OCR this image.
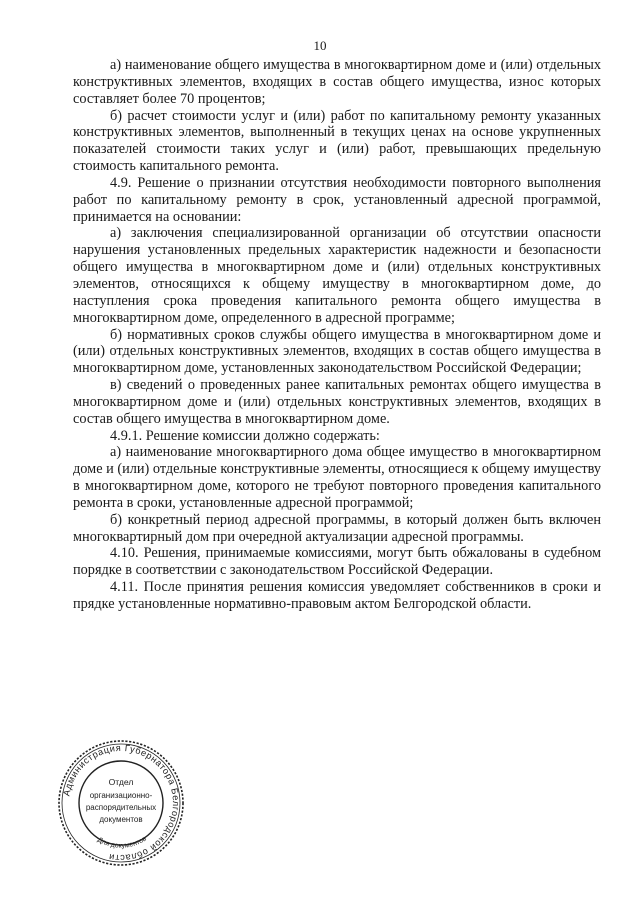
10

а) наименование общего имущества в многоквартирном доме и (или) отдельных конструктивных элементов, входящих в состав общего имущества, износ которых составляет более 70 процентов;

б) расчет стоимости услуг и (или) работ по капитальному ремонту указанных конструктивных элементов, выполненный в текущих ценах на основе укрупненных показателей стоимости таких услуг и (или) работ, превышающих предельную стоимость капитального ремонта.

4.9. Решение о признании отсутствия необходимости повторного выполнения работ по капитальному ремонту в срок, установленный адресной программой, принимается на основании:

а) заключения специализированной организации об отсутствии опасности нарушения установленных предельных характеристик надежности и безопасности общего имущества в многоквартирном доме и (или) отдельных конструктивных элементов, относящихся к общему имуществу в многоквартирном доме, до наступления срока проведения капитального ремонта общего имущества в многоквартирном доме, определенного в адресной программе;

б) нормативных сроков службы общего имущества в многоквартирном доме и (или) отдельных конструктивных элементов, входящих в состав общего имущества в многоквартирном доме, установленных законодательством Российской Федерации;

в) сведений о проведенных ранее капитальных ремонтах общего имущества в многоквартирном доме и (или) отдельных конструктивных элементов, входящих в состав общего имущества в многоквартирном доме.

4.9.1. Решение комиссии должно содержать:

а) наименование многоквартирного дома общее имущество в многоквартирном доме и (или) отдельные конструктивные элементы, относящиеся к общему имуществу в многоквартирном доме, которого не требуют повторного проведения капитального ремонта в сроки, установленные адресной программой;

б) конкретный период адресной программы, в который должен быть включен многоквартирный дом при очередной актуализации адресной программы.

4.10. Решения, принимаемые комиссиями, могут быть обжалованы в судебном порядке в соответствии с законодательством Российской Федерации.

4.11. После принятия решения комиссия уведомляет собственников в сроки и прядке установленные нормативно-правовым актом Белгородской области.

Администрация Губернатора Белгородской области
Для документов
Отдел
организационно-
распорядительных
документов
